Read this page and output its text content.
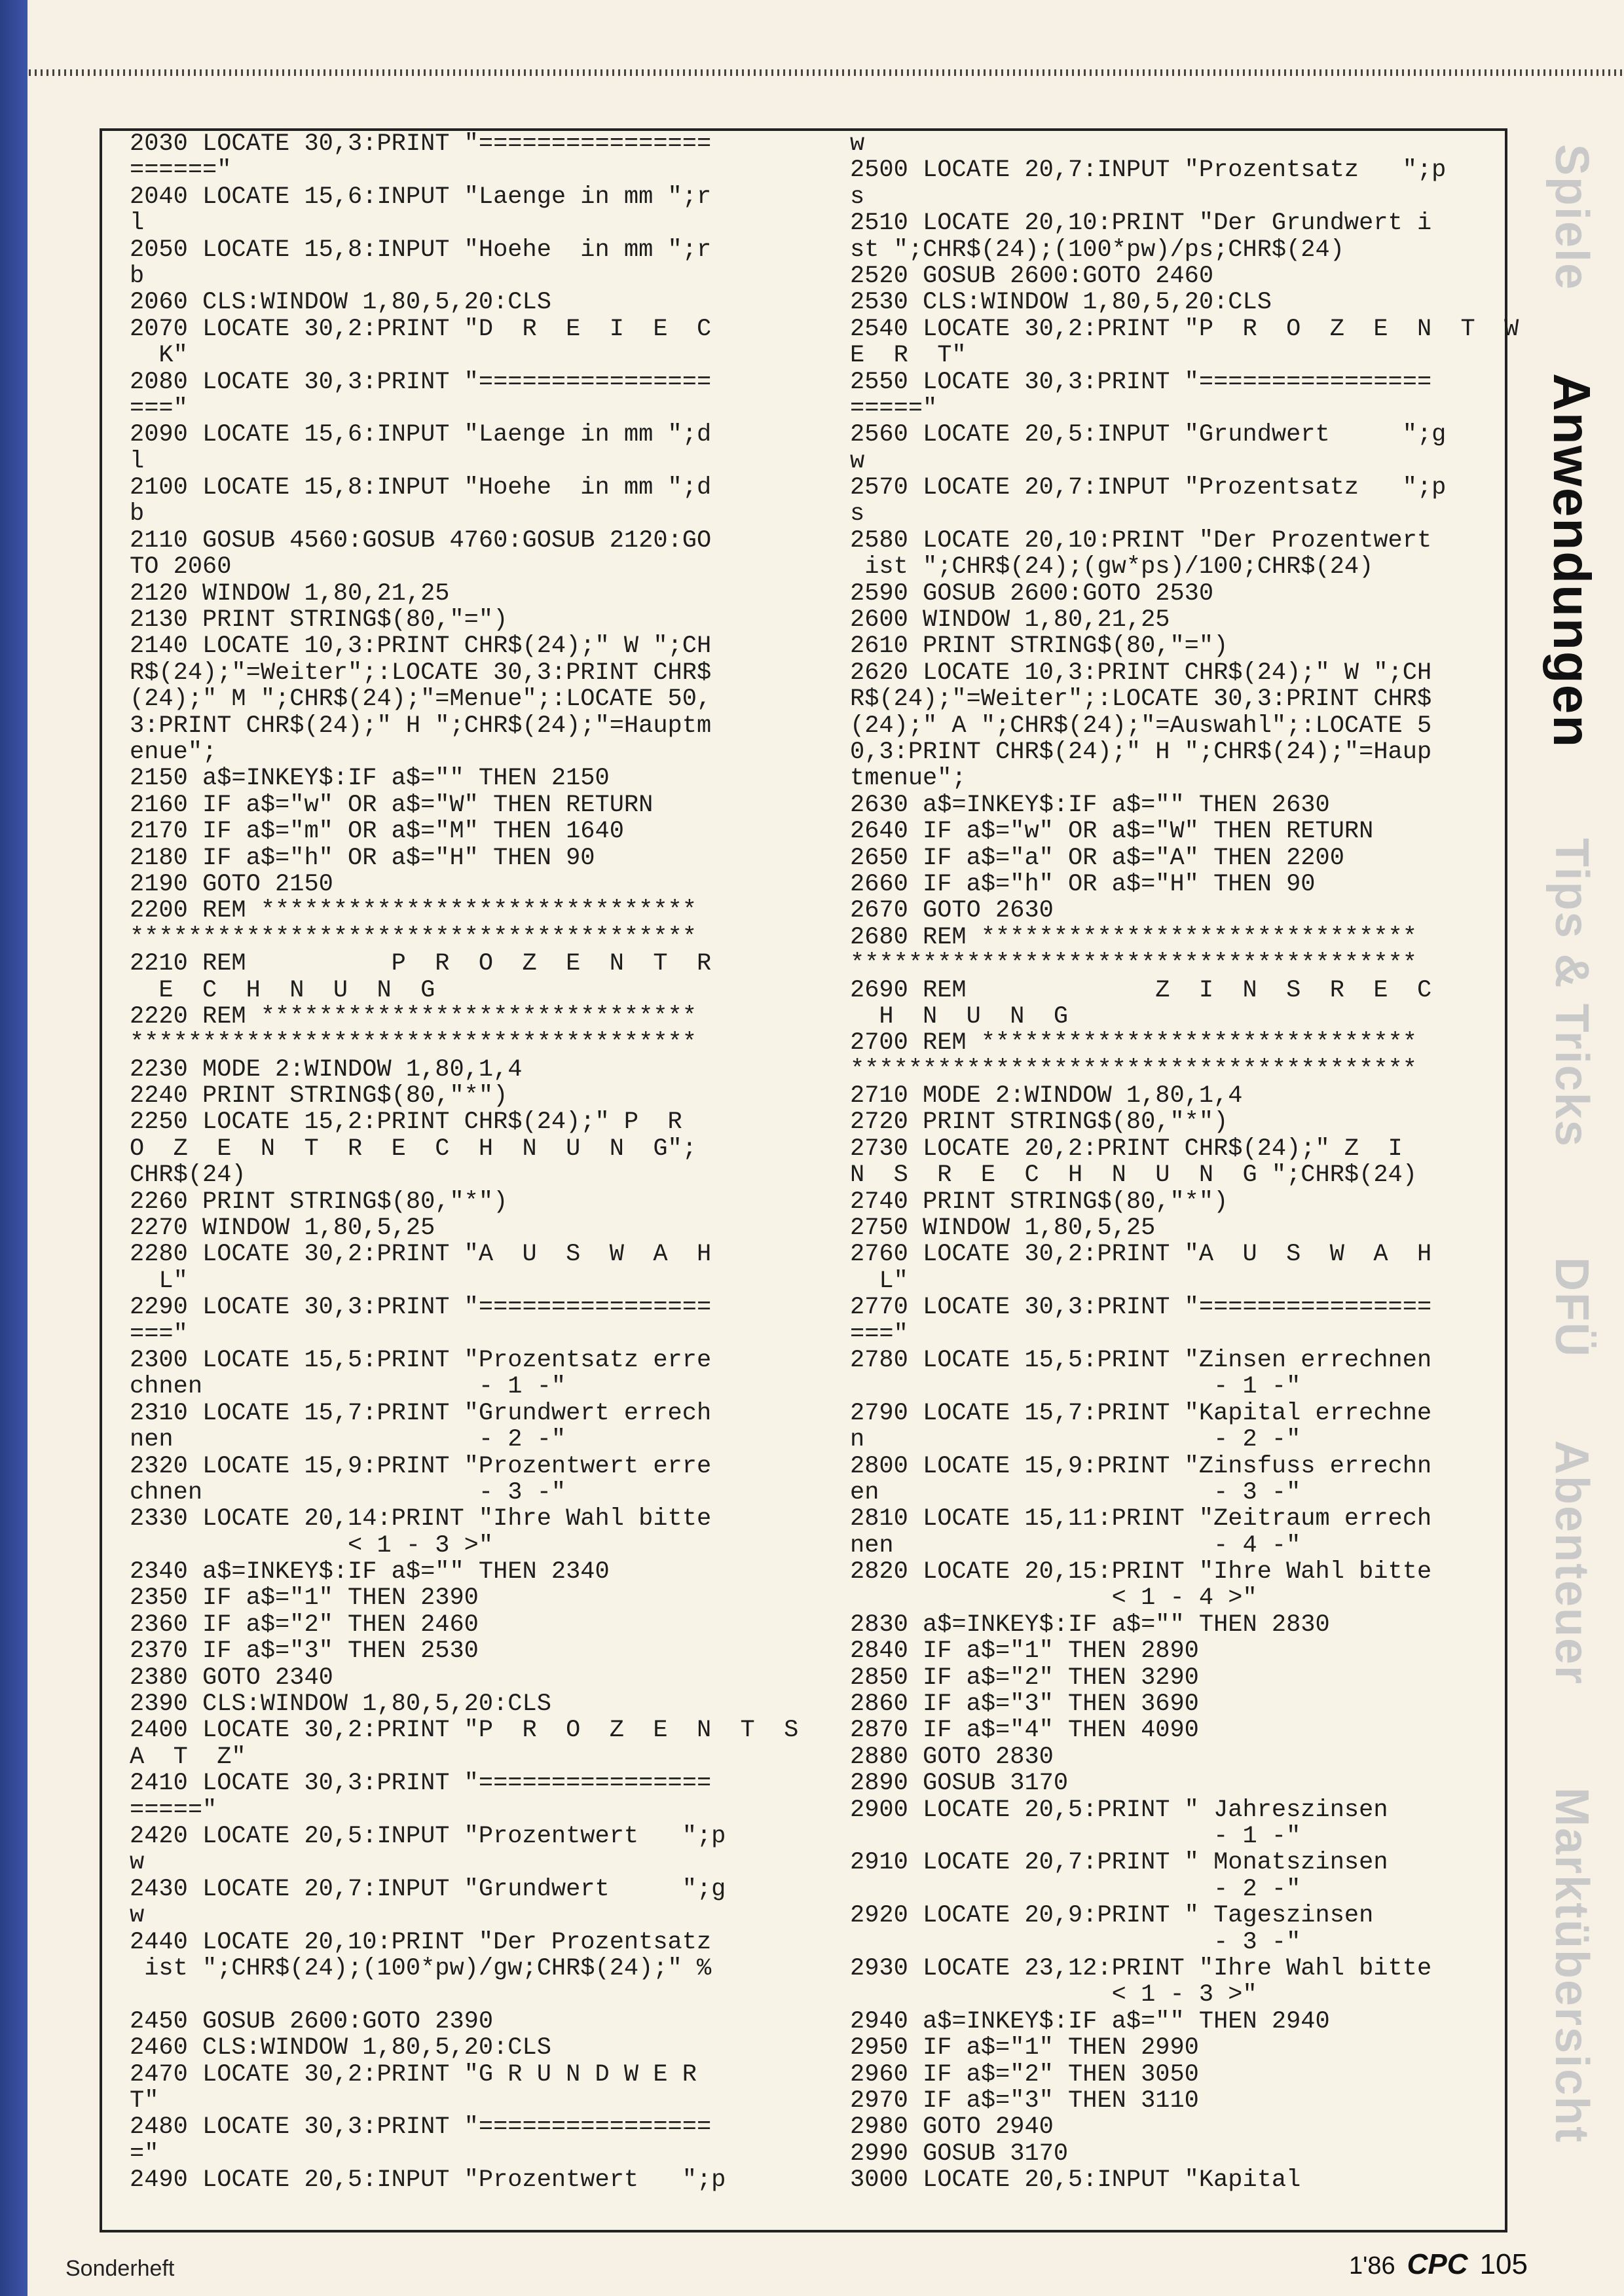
2030 LOCATE 30,3:PRINT "================
======"
2040 LOCATE 15,6:INPUT "Laenge in mm ";r
l
2050 LOCATE 15,8:INPUT "Hoehe  in mm ";r
b
2060 CLS:WINDOW 1,80,5,20:CLS
2070 LOCATE 30,2:PRINT "D  R  E  I  E  C
K"
2080 LOCATE 30,3:PRINT "================
==="
2090 LOCATE 15,6:INPUT "Laenge in mm ";d
l
2100 LOCATE 15,8:INPUT "Hoehe  in mm ";d
b
2110 GOSUB 4560:GOSUB 4760:GOSUB 2120:GO
TO 2060
2120 WINDOW 1,80,21,25
2130 PRINT STRING$(80,"=")
2140 LOCATE 10,3:PRINT CHR$(24);" W ";CH
R$(24);"=Weiter";:LOCATE 30,3:PRINT CHR$
(24);" M ";CHR$(24);"=Menue";:LOCATE 50,
3:PRINT CHR$(24);" H ";CHR$(24);"=Hauptm
enue";
2150 a$=INKEY$:IF a$="" THEN 2150
2160 IF a$="w" OR a$="W" THEN RETURN
2170 IF a$="m" OR a$="M" THEN 1640
2180 IF a$="h" OR a$="H" THEN 90
2190 GOTO 2150
2200 REM ******************************
***************************************
2210 REM          P  R  O  Z  E  N  T  R
E  C  H  N  U  N  G
2220 REM ******************************
***************************************
2230 MODE 2:WINDOW 1,80,1,4
2240 PRINT STRING$(80,"*")
2250 LOCATE 15,2:PRINT CHR$(24);" P  R
O  Z  E  N  T  R  E  C  H  N  U  N  G";
CHR$(24)
2260 PRINT STRING$(80,"*")
2270 WINDOW 1,80,5,25
2280 LOCATE 30,2:PRINT "A  U  S  W  A  H
L"
2290 LOCATE 30,3:PRINT "================
==="
2300 LOCATE 15,5:PRINT "Prozentsatz erre
chnen                   - 1 -"
2310 LOCATE 15,7:PRINT "Grundwert errech
nen                     - 2 -"
2320 LOCATE 15,9:PRINT "Prozentwert erre
chnen                   - 3 -"
2330 LOCATE 20,14:PRINT "Ihre Wahl bitte
< 1 - 3 >"
2340 a$=INKEY$:IF a$="" THEN 2340
2350 IF a$="1" THEN 2390
2360 IF a$="2" THEN 2460
2370 IF a$="3" THEN 2530
2380 GOTO 2340
2390 CLS:WINDOW 1,80,5,20:CLS
2400 LOCATE 30,2:PRINT "P  R  O  Z  E  N  T  S
A  T  Z"
2410 LOCATE 30,3:PRINT "================
====="
2420 LOCATE 20,5:INPUT "Prozentwert   ";p
w
2430 LOCATE 20,7:INPUT "Grundwert     ";g
w
2440 LOCATE 20,10:PRINT "Der Prozentsatz
ist ";CHR$(24);(100*pw)/gw;CHR$(24);" %
2450 GOSUB 2600:GOTO 2390
2460 CLS:WINDOW 1,80,5,20:CLS
2470 LOCATE 30,2:PRINT "G R U N D W E R
T"
2480 LOCATE 30,3:PRINT "================
="
2490 LOCATE 20,5:INPUT "Prozentwert   ";p
w
2500 LOCATE 20,7:INPUT "Prozentsatz   ";p
s
2510 LOCATE 20,10:PRINT "Der Grundwert i
st ";CHR$(24);(100*pw)/ps;CHR$(24)
2520 GOSUB 2600:GOTO 2460
2530 CLS:WINDOW 1,80,5,20:CLS
2540 LOCATE 30,2:PRINT "P  R  O  Z  E  N  T  W
E  R  T"
2550 LOCATE 30,3:PRINT "================
====="
2560 LOCATE 20,5:INPUT "Grundwert     ";g
w
2570 LOCATE 20,7:INPUT "Prozentsatz   ";p
s
2580 LOCATE 20,10:PRINT "Der Prozentwert
ist ";CHR$(24);(gw*ps)/100;CHR$(24)
2590 GOSUB 2600:GOTO 2530
2600 WINDOW 1,80,21,25
2610 PRINT STRING$(80,"=")
2620 LOCATE 10,3:PRINT CHR$(24);" W ";CH
R$(24);"=Weiter";:LOCATE 30,3:PRINT CHR$
(24);" A ";CHR$(24);"=Auswahl";:LOCATE 5
0,3:PRINT CHR$(24);" H ";CHR$(24);"=Haup
tmenue";
2630 a$=INKEY$:IF a$="" THEN 2630
2640 IF a$="w" OR a$="W" THEN RETURN
2650 IF a$="a" OR a$="A" THEN 2200
2660 IF a$="h" OR a$="H" THEN 90
2670 GOTO 2630
2680 REM ******************************
***************************************
2690 REM             Z  I  N  S  R  E  C
H  N  U  N  G
2700 REM ******************************
***************************************
2710 MODE 2:WINDOW 1,80,1,4
2720 PRINT STRING$(80,"*")
2730 LOCATE 20,2:PRINT CHR$(24);" Z  I
N  S  R  E  C  H  N  U  N  G ";CHR$(24)
2740 PRINT STRING$(80,"*")
2750 WINDOW 1,80,5,25
2760 LOCATE 30,2:PRINT "A  U  S  W  A  H
L"
2770 LOCATE 30,3:PRINT "================
==="
2780 LOCATE 15,5:PRINT "Zinsen errechnen
- 1 -"
2790 LOCATE 15,7:PRINT "Kapital errechne
n                        - 2 -"
2800 LOCATE 15,9:PRINT "Zinsfuss errechn
en                       - 3 -"
2810 LOCATE 15,11:PRINT "Zeitraum errech
nen                      - 4 -"
2820 LOCATE 20,15:PRINT "Ihre Wahl bitte
< 1 - 4 >"
2830 a$=INKEY$:IF a$="" THEN 2830
2840 IF a$="1" THEN 2890
2850 IF a$="2" THEN 3290
2860 IF a$="3" THEN 3690
2870 IF a$="4" THEN 4090
2880 GOTO 2830
2890 GOSUB 3170
2900 LOCATE 20,5:PRINT " Jahreszinsen
- 1 -"
2910 LOCATE 20,7:PRINT " Monatszinsen
- 2 -"
2920 LOCATE 20,9:PRINT " Tageszinsen
- 3 -"
2930 LOCATE 23,12:PRINT "Ihre Wahl bitte
< 1 - 3 >"
2940 a$=INKEY$:IF a$="" THEN 2940
2950 IF a$="1" THEN 2990
2960 IF a$="2" THEN 3050
2970 IF a$="3" THEN 3110
2980 GOTO 2940
2990 GOSUB 3170
3000 LOCATE 20,5:INPUT "Kapital
Spiele
Anwendungen
Tips & Tricks
DFÜ
Abenteuer
Marktübersicht
Sonderheft	1'86 CPC 105
